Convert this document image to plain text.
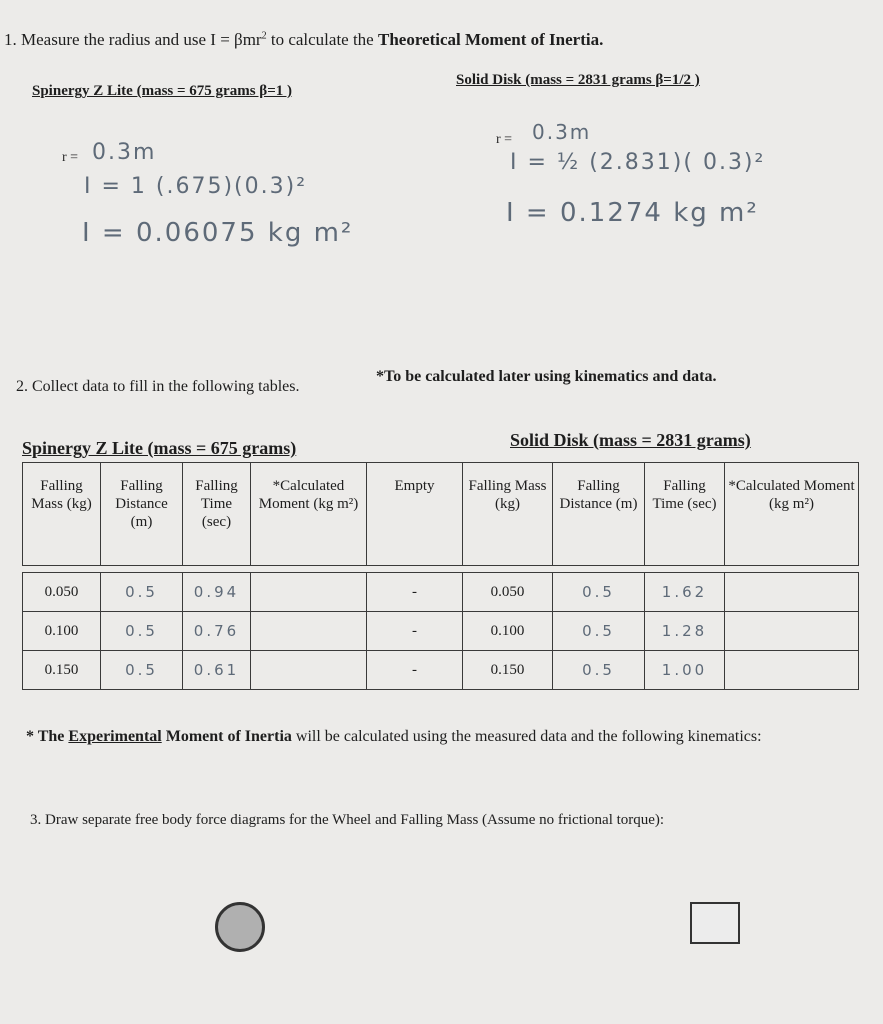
1. Measure the radius and use I = βmr$^2$ to calculate the Theoretical Moment of Inertia.
Spinergy Z Lite (mass = 675 grams β=1 )
Solid Disk (mass = 2831 grams β=1/2 )
r = 0.3m
I = 1 (.675)(0.3)²
I = 0.06075 kg m²
r = 0.3m
I = ½ (2.831)( 0.3)²
I = 0.1274 kg m²
2. Collect data to fill in the following tables.
*To be calculated later using kinematics and data.
Spinergy Z Lite (mass = 675 grams)	Solid Disk (mass = 2831 grams)
Falling Mass (kg)	Falling Distance (m)	Falling Time (sec)	*Calculated Moment (kg m²)	Empty	Falling Mass (kg)	Falling Distance (m)	Falling Time (sec)	*Calculated Moment (kg m²)

0.050	0.5	0.94		-	0.050	0.5	1.62	
0.100	0.5	0.76		-	0.100	0.5	1.28	
0.150	0.5	0.61		-	0.150	0.5	1.00	
* The Experimental Moment of Inertia will be calculated using the measured data and the following kinematics:
3. Draw separate free body force diagrams for the Wheel and Falling Mass (Assume no frictional torque):
